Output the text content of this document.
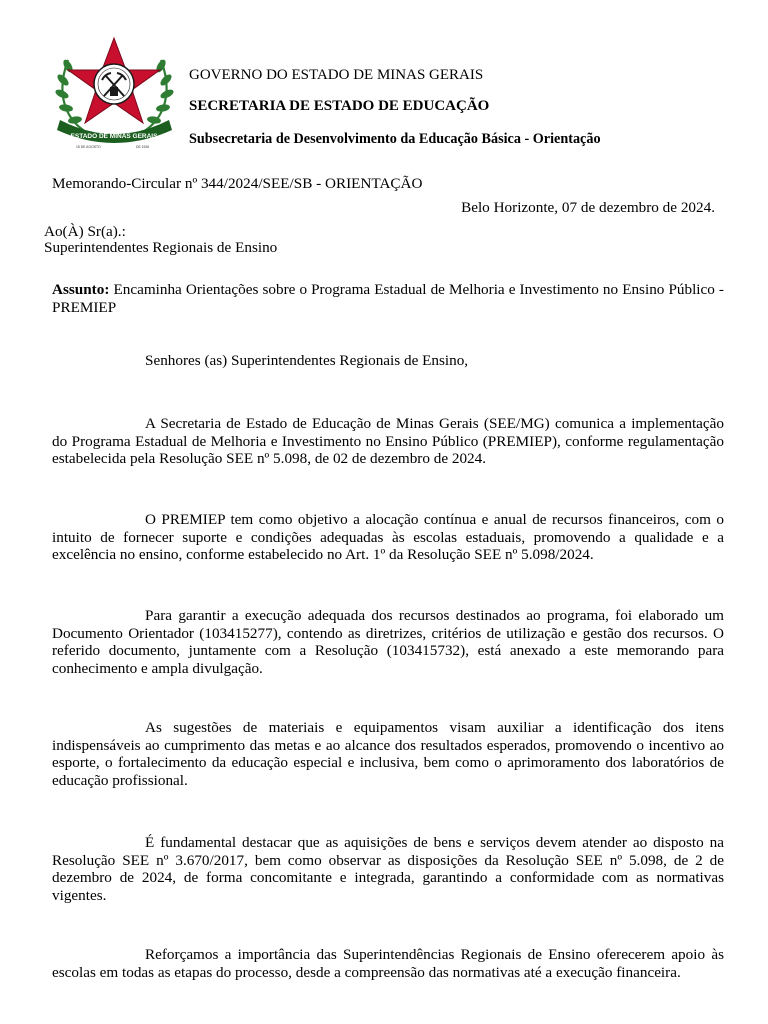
ESTADO DE MINAS GERAIS
15 DE AGOSTO	DE 1926
GOVERNO DO ESTADO DE MINAS GERAIS
SECRETARIA DE ESTADO DE EDUCAÇÃO
Subsecretaria de Desenvolvimento da Educação Básica - Orientação
Memorando-Circular nº 344/2024/SEE/SB - ORIENTAÇÃO
Belo Horizonte, 07 de dezembro de 2024.
Ao(À) Sr(a).:
Superintendentes Regionais de Ensino

Assunto: Encaminha Orientações sobre o Programa Estadual de Melhoria e Investimento no Ensino Público - PREMIEP

Senhores (as) Superintendentes Regionais de Ensino,

A Secretaria de Estado de Educação de Minas Gerais (SEE/MG) comunica a implementação do Programa Estadual de Melhoria e Investimento no Ensino Público (PREMIEP), conforme regulamentação estabelecida pela Resolução SEE nº 5.098, de 02 de dezembro de 2024.

O PREMIEP tem como objetivo a alocação contínua e anual de recursos financeiros, com o intuito de fornecer suporte e condições adequadas às escolas estaduais, promovendo a qualidade e a excelência no ensino, conforme estabelecido no Art. 1º da Resolução SEE nº 5.098/2024.

Para garantir a execução adequada dos recursos destinados ao programa, foi elaborado um Documento Orientador (103415277), contendo as diretrizes, critérios de utilização e gestão dos recursos. O referido documento, juntamente com a Resolução (103415732), está anexado a este memorando para conhecimento e ampla divulgação.

As sugestões de materiais e equipamentos visam auxiliar a identificação dos itens indispensáveis ao cumprimento das metas e ao alcance dos resultados esperados, promovendo o incentivo ao esporte, o fortalecimento da educação especial e inclusiva, bem como o aprimoramento dos laboratórios de educação profissional.

É fundamental destacar que as aquisições de bens e serviços devem atender ao disposto na Resolução SEE nº 3.670/2017, bem como observar as disposições da Resolução SEE nº 5.098, de 2 de dezembro de 2024, de forma concomitante e integrada, garantindo a conformidade com as normativas vigentes.

Reforçamos a importância das Superintendências Regionais de Ensino oferecerem apoio às escolas em todas as etapas do processo, desde a compreensão das normativas até a execução financeira.
